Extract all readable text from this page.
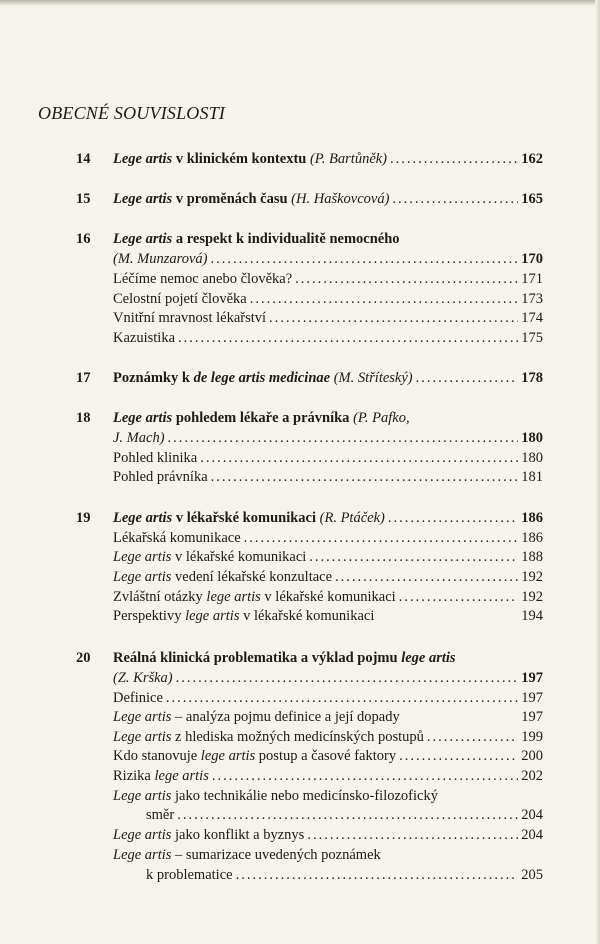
OBECNÉ SOUVISLOSTI
14 Lege artis v klinickém kontextu (P. Bartůněk) .....	162
15 Lege artis v proměnách času (H. Haškovcová) .....	165
16 Lege artis a respekt k individualitě nemocného
(M. Munzarová) .....	170
Léčíme nemoc anebo člověka? .....	171
Celostní pojetí člověka .....	173
Vnitřní mravnost lékařství .....	174
Kazuistika .....	175
17 Poznámky k de lege artis medicinae (M. Stříteský) .....	178
18 Lege artis pohledem lékaře a právníka (P. Pafko,
J. Mach) .....	180
Pohled klinika .....	180
Pohled právníka .....	181
19 Lege artis v lékařské komunikaci (R. Ptáček) .....	186
Lékařská komunikace .....	186
Lege artis v lékařské komunikaci .....	188
Lege artis vedení lékařské konzultace .....	192
Zvláštní otázky lege artis v lékařské komunikaci .....	192
Perspektivy lege artis v lékařské komunikaci	194
20 Reálná klinická problematika a výklad pojmu lege artis
(Z. Krška) .....	197
Definice .....	197
Lege artis – analýza pojmu definice a její dopady	197
Lege artis z hlediska možných medicínských postupů .....	199
Kdo stanovuje lege artis postup a časové faktory .....	200
Rizika lege artis .....	202
Lege artis jako technikálie nebo medicínsko-filozofický
směr .....	204
Lege artis jako konflikt a byznys .....	204
Lege artis – sumarizace uvedených poznámek
k problematice .....	205
